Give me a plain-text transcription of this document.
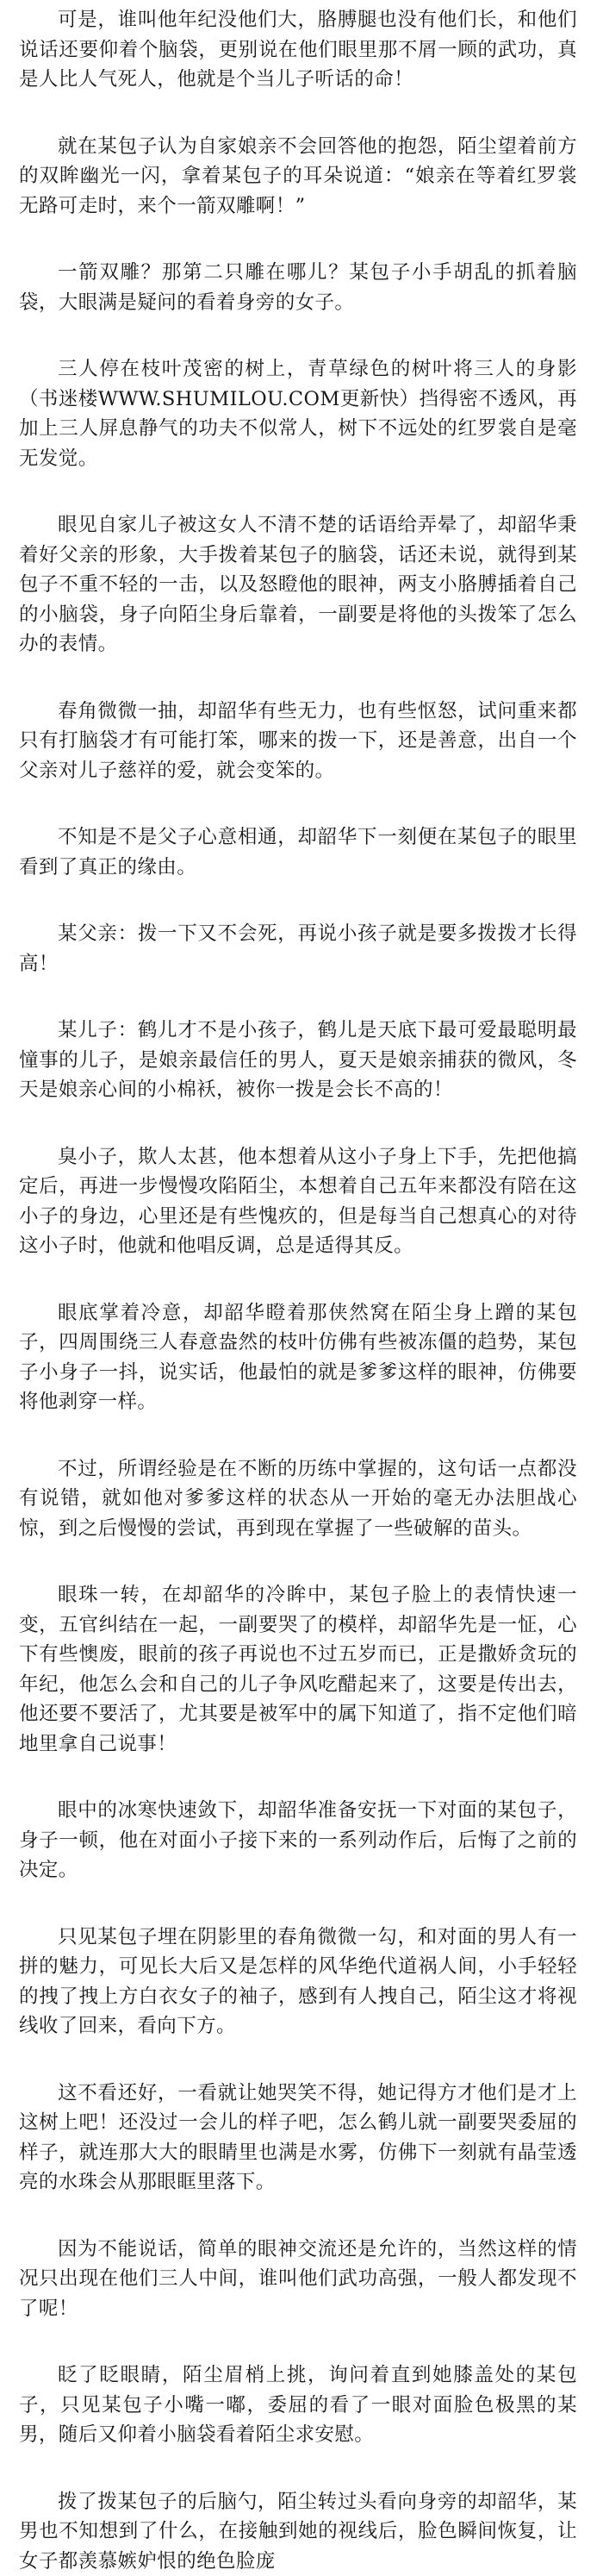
可是，谁叫他年纪没他们大，胳膊腿也没有他们长，和他们说话还要仰着个脑袋，更别说在他们眼里那不屑一顾的武功，真是人比人气死人，他就是个当儿子听话的命！

就在某包子认为自家娘亲不会回答他的抱怨，陌尘望着前方的双眸幽光一闪，拿着某包子的耳朵说道：“娘亲在等着红罗裳无路可走时，来个一箭双雕啊！”

一箭双雕？那第二只雕在哪儿？某包子小手胡乱的抓着脑袋，大眼满是疑问的看着身旁的女子。

三人停在枝叶茂密的树上，青草绿色的树叶将三人的身影（书迷楼WWW.SHUMILOU.COM更新快）挡得密不透风，再加上三人屏息静气的功夫不似常人，树下不远处的红罗裳自是毫无发觉。

眼见自家儿子被这女人不清不楚的话语给弄晕了，却韶华秉着好父亲的形象，大手拨着某包子的脑袋，话还未说，就得到某包子不重不轻的一击，以及怒瞪他的眼神，两支小胳膊插着自己的小脑袋，身子向陌尘身后靠着，一副要是将他的头拨笨了怎么办的表情。

春角微微一抽，却韶华有些无力，也有些怄怒，试问重来都只有打脑袋才有可能打笨，哪来的拨一下，还是善意，出自一个父亲对儿子慈祥的爱，就会变笨的。

不知是不是父子心意相通，却韶华下一刻便在某包子的眼里看到了真正的缘由。

某父亲：拨一下又不会死，再说小孩子就是要多拨拨才长得高！

某儿子：鹤儿才不是小孩子，鹤儿是天底下最可爱最聪明最憧事的儿子，是娘亲最信任的男人，夏天是娘亲捕获的微风，冬天是娘亲心间的小棉袄，被你一拨是会长不高的！

臭小子，欺人太甚，他本想着从这小子身上下手，先把他搞定后，再进一步慢慢攻陷陌尘，本想着自己五年来都没有陪在这小子的身边，心里还是有些愧疚的，但是每当自己想真心的对待这小子时，他就和他唱反调，总是适得其反。

眼底掌着冷意，却韶华瞪着那侠然窝在陌尘身上蹭的某包子，四周围绕三人春意盎然的枝叶仿佛有些被冻僵的趋势，某包子小身子一抖，说实话，他最怕的就是爹爹这样的眼神，仿佛要将他剥穿一样。

不过，所谓经验是在不断的历练中掌握的，这句话一点都没有说错，就如他对爹爹这样的状态从一开始的毫无办法胆战心惊，到之后慢慢的尝试，再到现在掌握了一些破解的苗头。

眼珠一转，在却韶华的冷眸中，某包子脸上的表情快速一变，五官纠结在一起，一副要哭了的模样，却韶华先是一怔，心下有些懊废，眼前的孩子再说也不过五岁而已，正是撒娇贪玩的年纪，他怎么会和自己的儿子争风吃醋起来了，这要是传出去，他还要不要活了，尤其要是被军中的属下知道了，指不定他们暗地里拿自己说事！

眼中的冰寒快速敛下，却韶华准备安抚一下对面的某包子，身子一顿，他在对面小子接下来的一系列动作后，后悔了之前的决定。

只见某包子埋在阴影里的春角微微一勾，和对面的男人有一拼的魅力，可见长大后又是怎样的风华绝代道祸人间，小手轻轻的拽了拽上方白衣女子的袖子，感到有人拽自己，陌尘这才将视线收了回来，看向下方。

这不看还好，一看就让她哭笑不得，她记得方才他们是才上这树上吧！还没过一会儿的样子吧，怎么鹤儿就一副要哭委屈的样子，就连那大大的眼睛里也满是水雾，仿佛下一刻就有晶莹透亮的水珠会从那眼眶里落下。

因为不能说话，简单的眼神交流还是允许的，当然这样的情况只出现在他们三人中间，谁叫他们武功高强，一般人都发现不了呢！

眨了眨眼睛，陌尘眉梢上挑，询问着直到她膝盖处的某包子，只见某包子小嘴一嘟，委屈的看了一眼对面脸色极黑的某男，随后又仰着小脑袋看着陌尘求安慰。

拨了拨某包子的后脑勺，陌尘转过头看向身旁的却韶华，某男也不知想到了什么，在接触到她的视线后，脸色瞬间恢复，让女子都羡慕嫉妒恨的绝色脸庞
